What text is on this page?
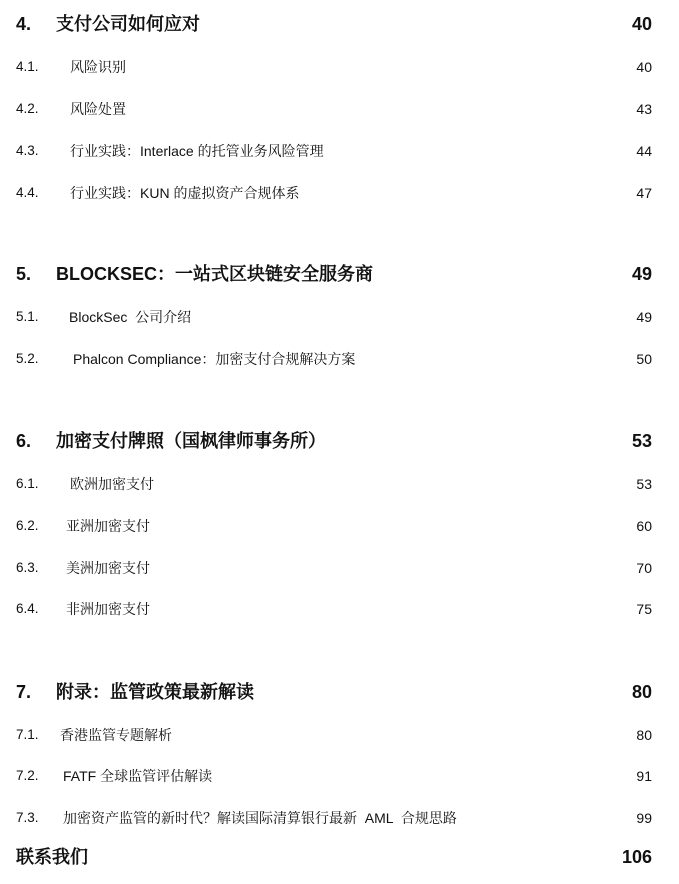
4. 支付公司如何应对	40
4.1. 风险识别	40
4.2. 风险处置	43
4.3. 行业实践：Interlace 的托管业务风险管理	44
4.4. 行业实践：KUN 的虚拟资产合规体系	47
5. BLOCKSEC：一站式区块链安全服务商	49
5.1. BlockSec  公司介绍	49
5.2. Phalcon Compliance：加密支付合规解决方案	50
6. 加密支付牌照（国枫律师事务所）	53
6.1. 欧洲加密支付	53
6.2. 亚洲加密支付	60
6.3. 美洲加密支付	70
6.4. 非洲加密支付	75
7. 附录：监管政策最新解读	80
7.1. 香港监管专题解析	80
7.2. FATF 全球监管评估解读	91
7.3. 加密资产监管的新时代？解读国际清算银行最新  AML  合规思路	99
联系我们	106
